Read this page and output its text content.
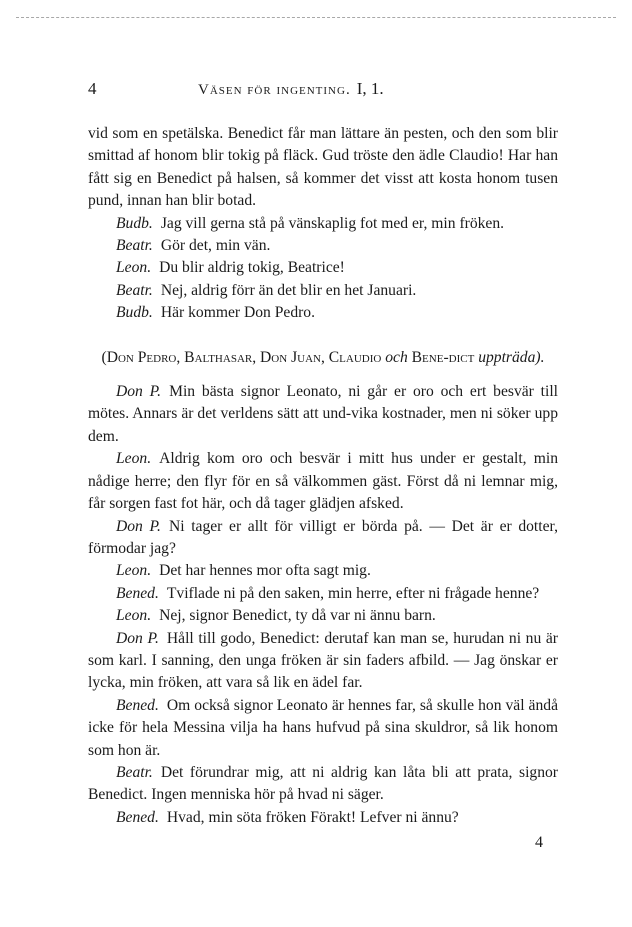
4	Väsen för ingenting. I, 1.

vid som en spetälska. Benedict får man lättare än pesten, och den som blir smittad af honom blir tokig på fläck. Gud tröste den ädle Claudio! Har han fått sig en Benedict på halsen, så kommer det visst att kosta honom tusen pund, innan han blir botad.

Budb. Jag vill gerna stå på vänskaplig fot med er, min fröken.

Beatr. Gör det, min vän.

Leon. Du blir aldrig tokig, Beatrice!

Beatr. Nej, aldrig förr än det blir en het Januari.

Budb. Här kommer Don Pedro.

(Don Pedro, Balthasar, Don Juan, Claudio och Bene-dict uppträda).

Don P. Min bästa signor Leonato, ni går er oro och ert besvär till mötes. Annars är det verldens sätt att und-vika kostnader, men ni söker upp dem.

Leon. Aldrig kom oro och besvär i mitt hus under er gestalt, min nådige herre; den flyr för en så välkommen gäst. Först då ni lemnar mig, får sorgen fast fot här, och då tager glädjen afsked.

Don P. Ni tager er allt för villigt er börda på. — Det är er dotter, förmodar jag?

Leon. Det har hennes mor ofta sagt mig.

Bened. Tviflade ni på den saken, min herre, efter ni frågade henne?

Leon. Nej, signor Benedict, ty då var ni ännu barn.

Don P. Håll till godo, Benedict: derutaf kan man se, hurudan ni nu är som karl. I sanning, den unga fröken är sin faders afbild. — Jag önskar er lycka, min fröken, att vara så lik en ädel far.

Bened. Om också signor Leonato är hennes far, så skulle hon väl ändå icke för hela Messina vilja ha hans hufvud på sina skuldror, så lik honom som hon är.

Beatr. Det förundrar mig, att ni aldrig kan låta bli att prata, signor Benedict. Ingen menniska hör på hvad ni säger.

Bened. Hvad, min söta fröken Förakt! Lefver ni ännu?

4
